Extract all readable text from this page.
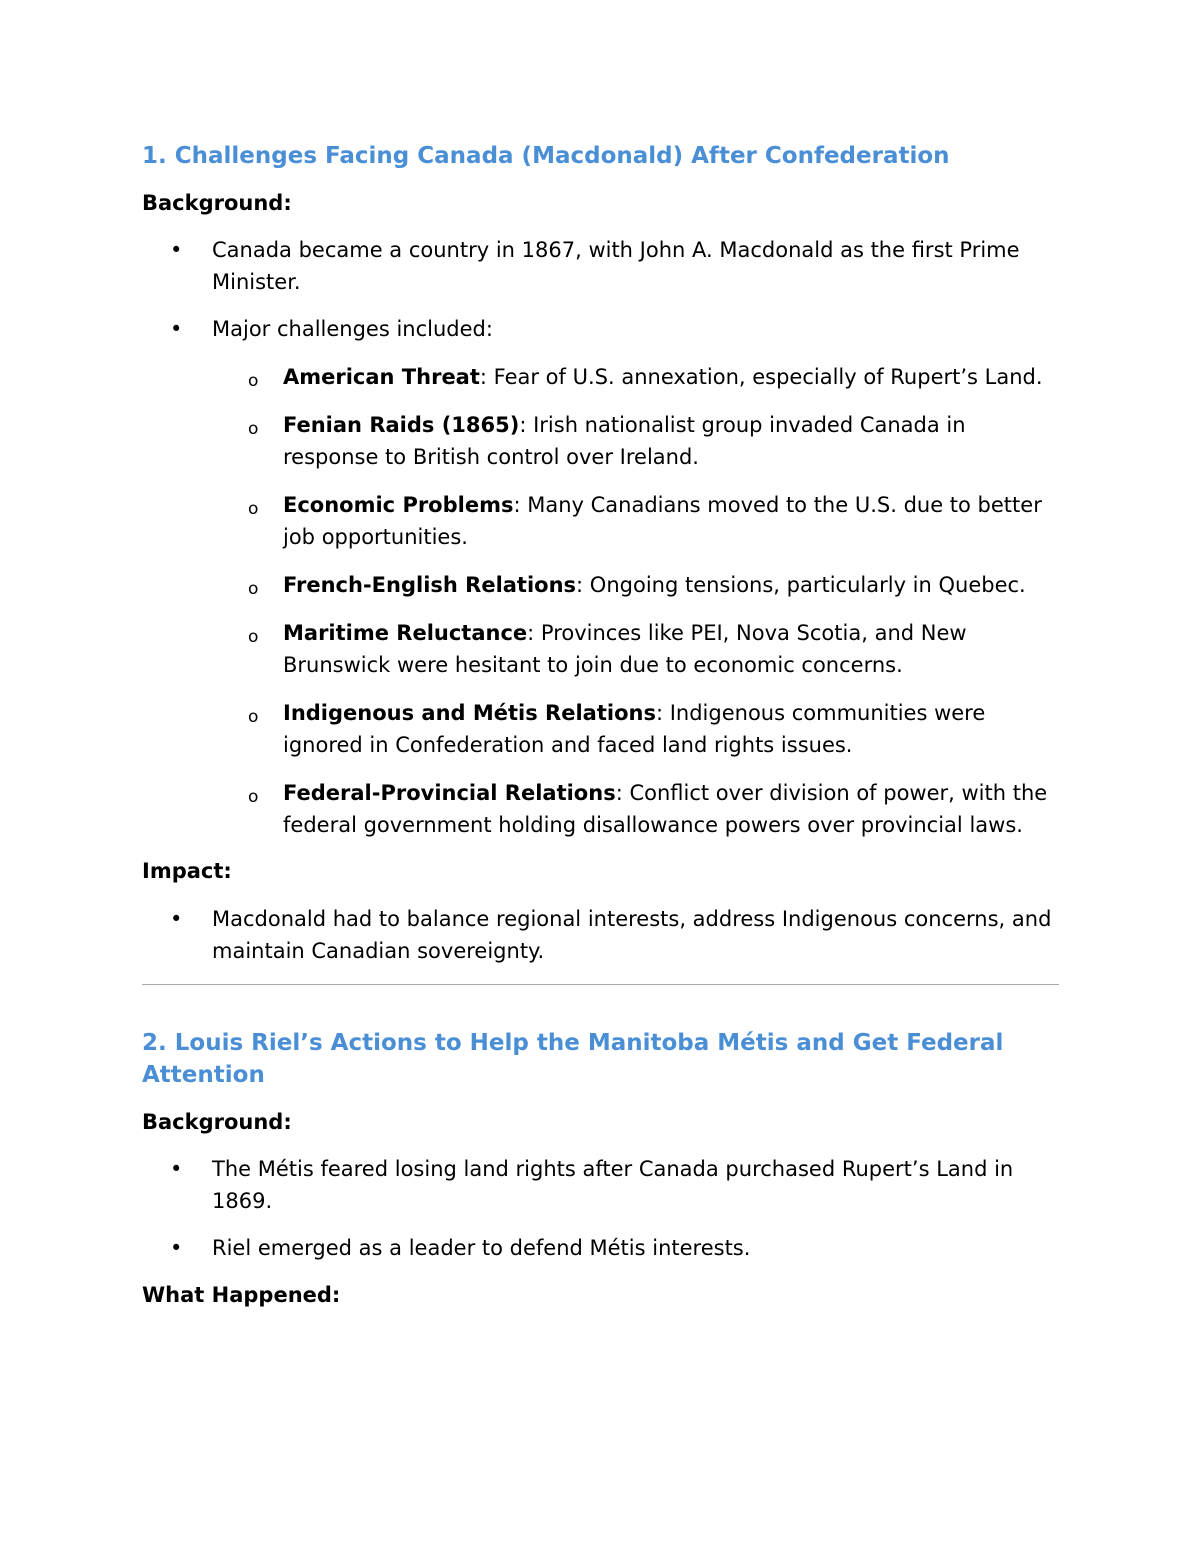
1. Challenges Facing Canada (Macdonald) After Confederation
Background:
• Canada became a country in 1867, with John A. Macdonald as the first Prime Minister.
• Major challenges included:
o American Threat: Fear of U.S. annexation, especially of Rupert’s Land.
o Fenian Raids (1865): Irish nationalist group invaded Canada in response to British control over Ireland.
o Economic Problems: Many Canadians moved to the U.S. due to better job opportunities.
o French-English Relations: Ongoing tensions, particularly in Quebec.
o Maritime Reluctance: Provinces like PEI, Nova Scotia, and New Brunswick were hesitant to join due to economic concerns.
o Indigenous and Métis Relations: Indigenous communities were ignored in Confederation and faced land rights issues.
o Federal-Provincial Relations: Conflict over division of power, with the federal government holding disallowance powers over provincial laws.
Impact:
• Macdonald had to balance regional interests, address Indigenous concerns, and maintain Canadian sovereignty.
2. Louis Riel’s Actions to Help the Manitoba Métis and Get Federal Attention
Background:
• The Métis feared losing land rights after Canada purchased Rupert’s Land in 1869.
• Riel emerged as a leader to defend Métis interests.
What Happened:
